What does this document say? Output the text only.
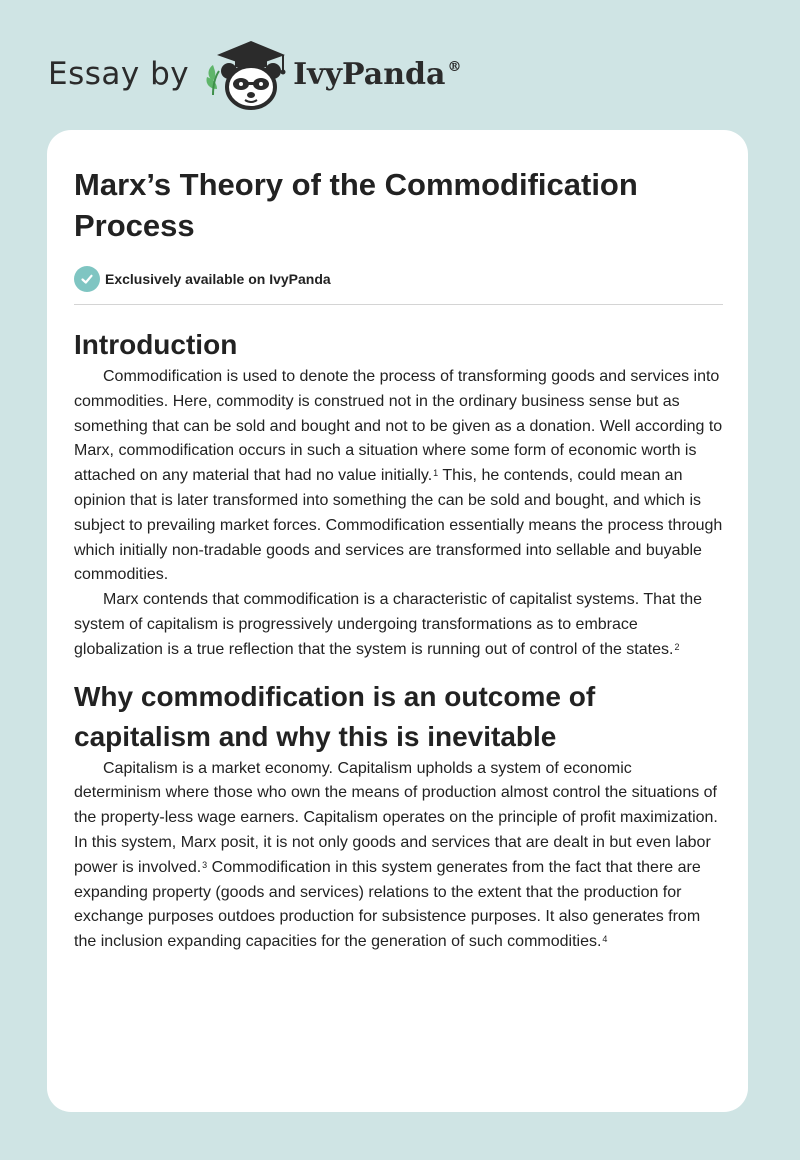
Essay by	IvyPanda ®
Marx’s Theory of the Commodification Process
Exclusively available on IvyPanda
Introduction

Commodification is used to denote the process of transforming goods and services into commodities. Here, commodity is construed not in the ordinary business sense but as something that can be sold and bought and not to be given as a donation. Well according to Marx, commodification occurs in such a situation where some form of economic worth is attached on any material that had no value initially.$^1$ This, he contends, could mean an opinion that is later transformed into something the can be sold and bought, and which is subject to prevailing market forces. Commodification essentially means the process through which initially non-tradable goods and services are transformed into sellable and buyable commodities.

Marx contends that commodification is a characteristic of capitalist systems. That the system of capitalism is progressively undergoing transformations as to embrace globalization is a true reflection that the system is running out of control of the states.$^2$

Why commodification is an outcome of capitalism and why this is inevitable

Capitalism is a market economy. Capitalism upholds a system of economic determinism where those who own the means of production almost control the situations of the property-less wage earners. Capitalism operates on the principle of profit maximization. In this system, Marx posit, it is not only goods and services that are dealt in but even labor power is involved.$^3$ Commodification in this system generates from the fact that there are expanding property (goods and services) relations to the extent that the production for exchange purposes outdoes production for subsistence purposes. It also generates from the inclusion expanding capacities for the generation of such commodities.$^4$
